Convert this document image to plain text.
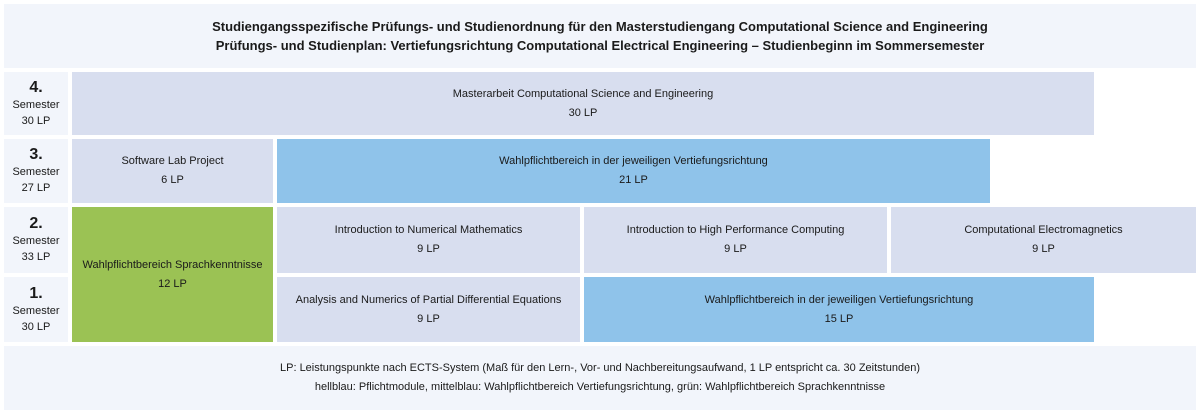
Studiengangsspezifische Prüfungs- und Studienordnung für den Masterstudiengang Computational Science and Engineering
Prüfungs- und Studienplan: Vertiefungsrichtung Computational Electrical Engineering – Studienbeginn im Sommersemester
4.
Semester
30 LP
3.
Semester
27 LP
2.
Semester
33 LP
1.
Semester
30 LP
Masterarbeit Computational Science and Engineering
30 LP
Software Lab Project
6 LP
Wahlpflichtbereich in der jeweiligen Vertiefungsrichtung
21 LP
Wahlpflichtbereich Sprachkenntnisse
12 LP
Introduction to Numerical Mathematics
9 LP
Introduction to High Performance Computing
9 LP
Computational Electromagnetics
9 LP
Analysis and Numerics of Partial Differential Equations
9 LP
Wahlpflichtbereich in der jeweiligen Vertiefungsrichtung
15 LP
LP: Leistungspunkte nach ECTS-System (Maß für den Lern-, Vor- und Nachbereitungsaufwand, 1 LP entspricht ca. 30 Zeitstunden)
hellblau: Pflichtmodule, mittelblau: Wahlpflichtbereich Vertiefungsrichtung, grün: Wahlpflichtbereich Sprachkenntnisse
